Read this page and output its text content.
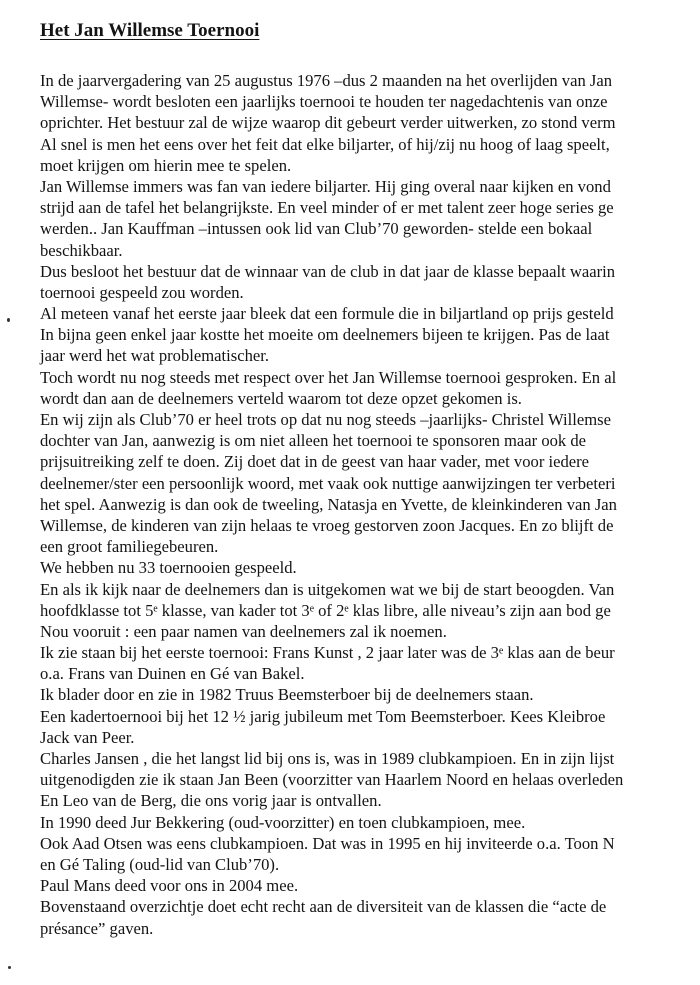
Het Jan Willemse Toernooi
In de jaarvergadering van 25 augustus 1976 –dus 2 maanden na het overlijden van Jan
Willemse- wordt besloten een jaarlijks toernooi te houden ter nagedachtenis van onze
oprichter. Het bestuur zal de wijze waarop dit gebeurt verder uitwerken, zo stond verm
Al snel is men het eens over het feit dat elke biljarter, of hij/zij nu hoog of laag speelt,
moet krijgen om hierin mee te spelen.
Jan Willemse immers was fan van iedere biljarter. Hij ging overal naar kijken en vond
strijd aan de tafel het belangrijkste. En veel minder of er met talent zeer hoge series ge
werden.. Jan Kauffman –intussen ook lid van Club’70 geworden- stelde een bokaal
beschikbaar.
Dus besloot het bestuur dat de winnaar van de club in dat jaar de klasse bepaalt waarin
toernooi gespeeld zou worden.
Al meteen vanaf het eerste jaar bleek dat een formule die in biljartland op prijs gesteld
In bijna geen enkel jaar kostte het moeite om deelnemers bijeen te krijgen. Pas de laat
jaar werd het wat problematischer.
Toch wordt nu nog steeds met respect over het Jan Willemse toernooi gesproken. En al
wordt dan aan de deelnemers verteld waarom tot deze opzet gekomen is.
En wij zijn als Club’70 er heel trots op dat nu nog steeds –jaarlijks- Christel Willemse
dochter van Jan, aanwezig is om niet alleen het toernooi te sponsoren maar ook de
prijsuitreiking zelf te doen. Zij doet dat in de geest van haar vader, met voor iedere
deelnemer/ster een persoonlijk woord, met vaak ook nuttige aanwijzingen ter verbeteri
het spel. Aanwezig is dan ook de tweeling, Natasja en Yvette, de kleinkinderen van Jan
Willemse, de kinderen van zijn helaas te vroeg gestorven zoon Jacques. En zo blijft de
een groot familiegebeuren.
We hebben nu 33 toernooien gespeeld.
En als ik kijk naar de deelnemers dan is uitgekomen wat we bij de start beoogden. Van
hoofdklasse tot 5ᵉ klasse, van kader tot 3ᵉ of 2ᵉ klas libre, alle niveau’s zijn aan bod ge
Nou vooruit : een paar namen van deelnemers zal ik noemen.
Ik zie staan bij het eerste toernooi: Frans Kunst , 2 jaar later was de 3ᵉ klas aan de beur
o.a. Frans van Duinen en Gé van Bakel.
Ik blader door en zie in 1982 Truus Beemsterboer bij de deelnemers staan.
Een kadertoernooi bij het 12 ½ jarig jubileum met Tom Beemsterboer. Kees Kleibroe
Jack van Peer.
Charles Jansen , die het langst lid bij ons is, was in 1989 clubkampioen. En in zijn lijst
uitgenodigden zie ik staan Jan Been (voorzitter van Haarlem Noord en helaas overleden
En Leo van de Berg, die ons vorig jaar is ontvallen.
In 1990 deed Jur Bekkering (oud-voorzitter) en toen clubkampioen, mee.
Ook Aad Otsen was eens clubkampioen. Dat was in 1995 en hij inviteerde o.a. Toon N
en Gé Taling (oud-lid van Club’70).
Paul Mans deed voor ons in 2004 mee.
Bovenstaand overzichtje doet echt recht aan de diversiteit van de klassen die “acte de
présance” gaven.
